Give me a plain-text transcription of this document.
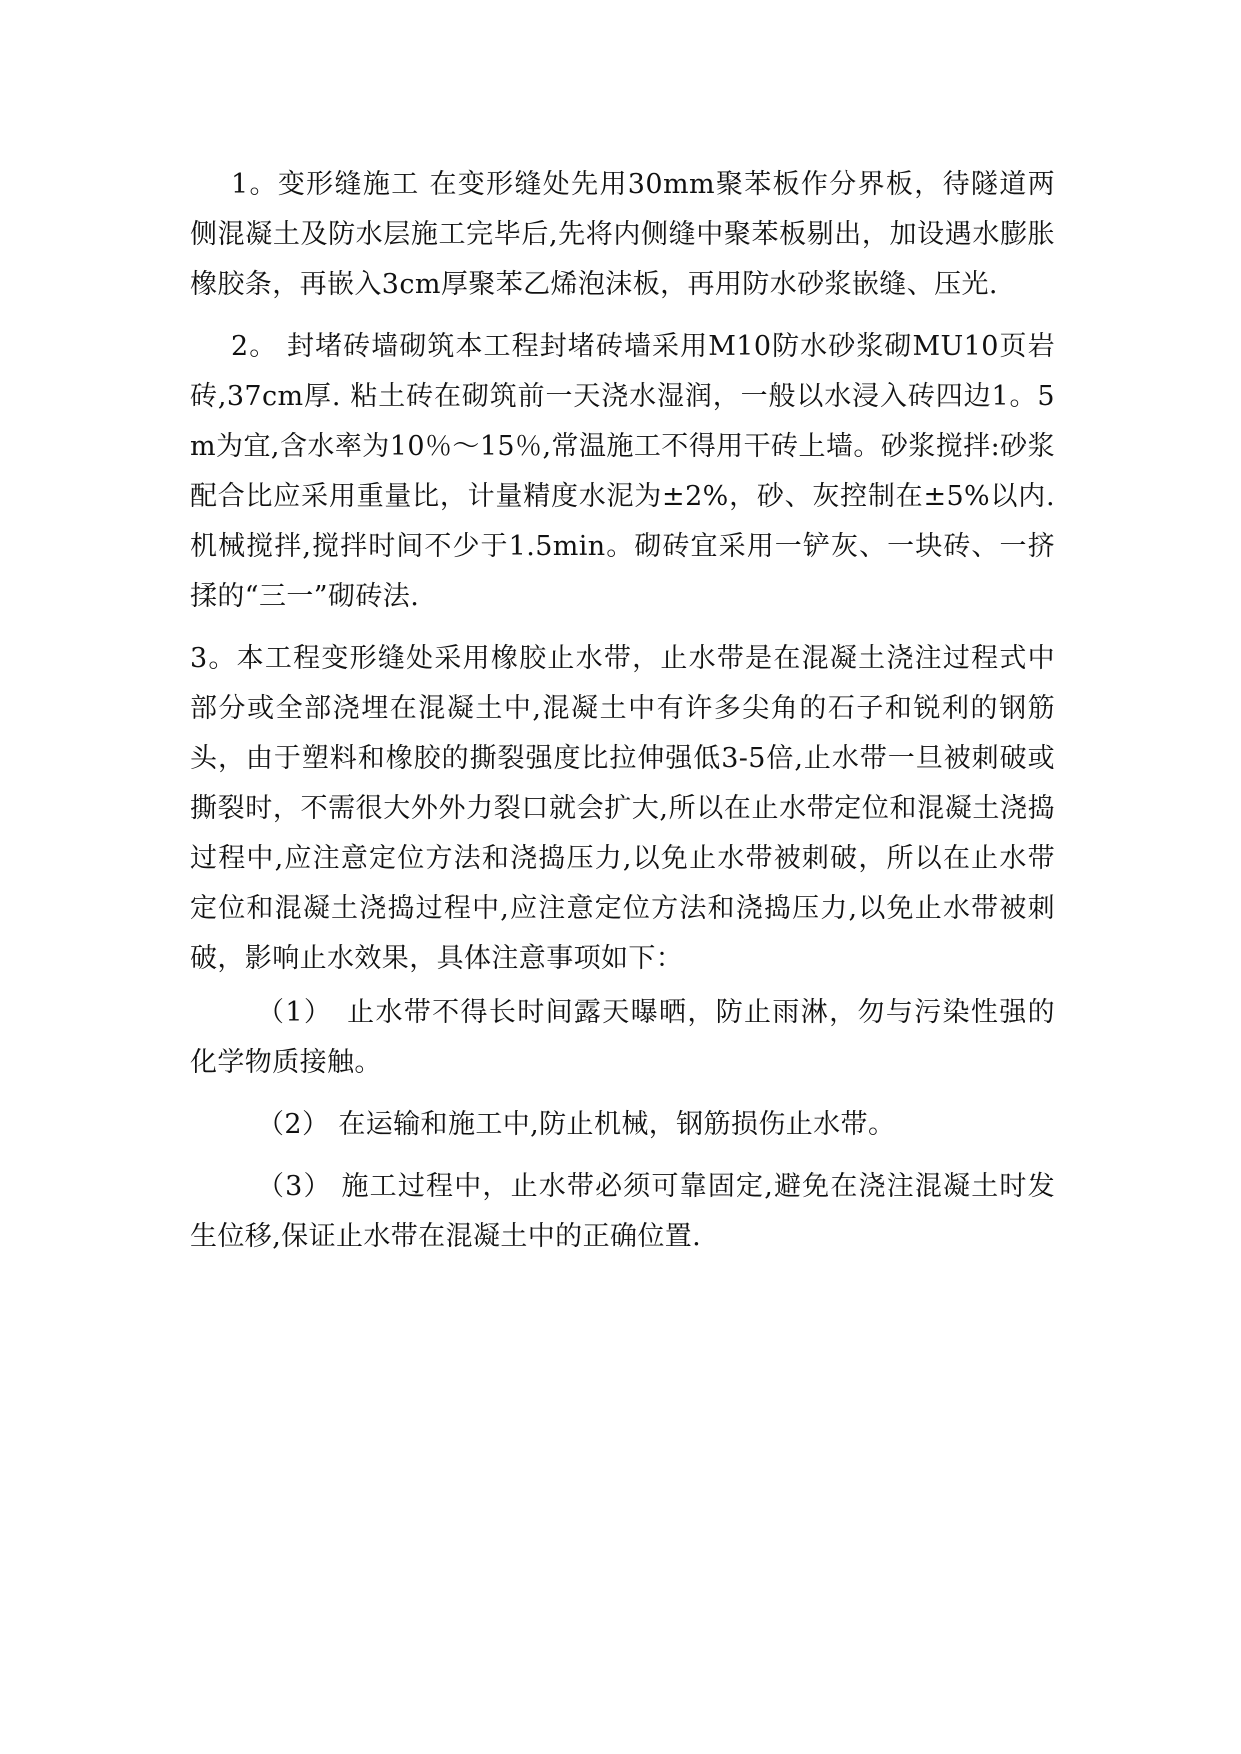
1。变形缝施工 在变形缝处先用30mm聚苯板作分界板，待隧道两侧混凝土及防水层施工完毕后,先将内侧缝中聚苯板剔出，加设遇水膨胀橡胶条，再嵌入3cm厚聚苯乙烯泡沫板，再用防水砂浆嵌缝、压光.

2。 封堵砖墙砌筑本工程封堵砖墙采用M10防水砂浆砌MU10页岩砖,37cm厚. 粘土砖在砌筑前一天浇水湿润，一般以水浸入砖四边1。5m为宜,含水率为10％～15％,常温施工不得用干砖上墙。砂浆搅拌:砂浆配合比应采用重量比，计量精度水泥为±2%，砂、灰控制在±5%以内.机械搅拌,搅拌时间不少于1.5min。砌砖宜采用一铲灰、一块砖、一挤揉的“三一”砌砖法.

3。本工程变形缝处采用橡胶止水带，止水带是在混凝土浇注过程式中部分或全部浇埋在混凝土中,混凝土中有许多尖角的石子和锐利的钢筋头，由于塑料和橡胶的撕裂强度比拉伸强低3-5倍,止水带一旦被刺破或撕裂时，不需很大外外力裂口就会扩大,所以在止水带定位和混凝土浇捣过程中,应注意定位方法和浇捣压力,以免止水带被刺破，所以在止水带定位和混凝土浇捣过程中,应注意定位方法和浇捣压力,以免止水带被刺破，影响止水效果，具体注意事项如下：

（1）　止水带不得长时间露天曝晒，防止雨淋，勿与污染性强的化学物质接触。

（2） 在运输和施工中,防止机械，钢筋损伤止水带。

（3） 施工过程中，止水带必须可靠固定,避免在浇注混凝土时发生位移,保证止水带在混凝土中的正确位置.
